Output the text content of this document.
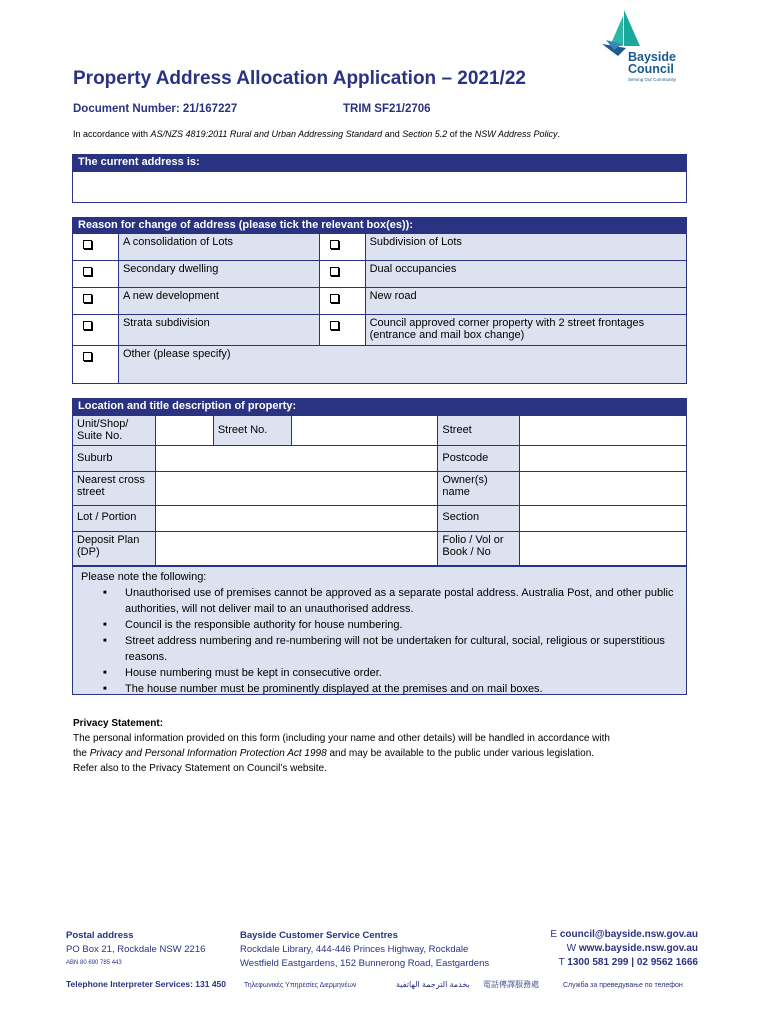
Property Address Allocation Application – 2021/22
Document Number: 21/167227	TRIM SF21/2706
In accordance with AS/NZS 4819:2011 Rural and Urban Addressing Standard and Section 5.2 of the NSW Address Policy.
Bayside
Council
Serving Our Community
The current address is:
Reason for change of address (please tick the relevant box(es)):
	A consolidation of Lots		Subdivision of Lots
	Secondary dwelling		Dual occupancies
	A new development		New road
	Strata subdivision		Council approved corner property with 2 street frontages (entrance and mail box change)
	Other (please specify)		
Location and title description of property:
Unit/Shop/ Suite No.		Street No.		Street	
Suburb				Postcode	
Nearest cross street				Owner(s) name	
Lot / Portion				Section	
Deposit Plan (DP)				Folio / Vol or Book / No	
Please note the following:
■ Unauthorised use of premises cannot be approved as a separate postal address. Australia Post, and other public authorities, will not deliver mail to an unauthorised address.
■ Council is the responsible authority for house numbering.
■ Street address numbering and re-numbering will not be undertaken for cultural, social, religious or superstitious reasons.
■ House numbering must be kept in consecutive order.
■ The house number must be prominently displayed at the premises and on mail boxes.
Privacy Statement:
The personal information provided on this form (including your name and other details) will be handled in accordance with
the Privacy and Personal Information Protection Act 1998 and may be available to the public under various legislation.
Refer also to the Privacy Statement on Council’s website.
Postal address
PO Box 21, Rockdale NSW 2216
ABN 80 690 785 443
Bayside Customer Service Centres
Rockdale Library, 444-446 Princes Highway, Rockdale
Westfield Eastgardens, 152 Bunnerong Road, Eastgardens
E council@bayside.nsw.gov.au
W www.bayside.nsw.gov.au
T 1300 581 299 | 02 9562 1666
Telephone Interpreter Services: 131 450	Τηλεφωνικές Υπηρεσίες Διερμηνέων	بخدمة الترجمة الهاتفية 電話傳譯服務處	Служба за преведување по телефон
